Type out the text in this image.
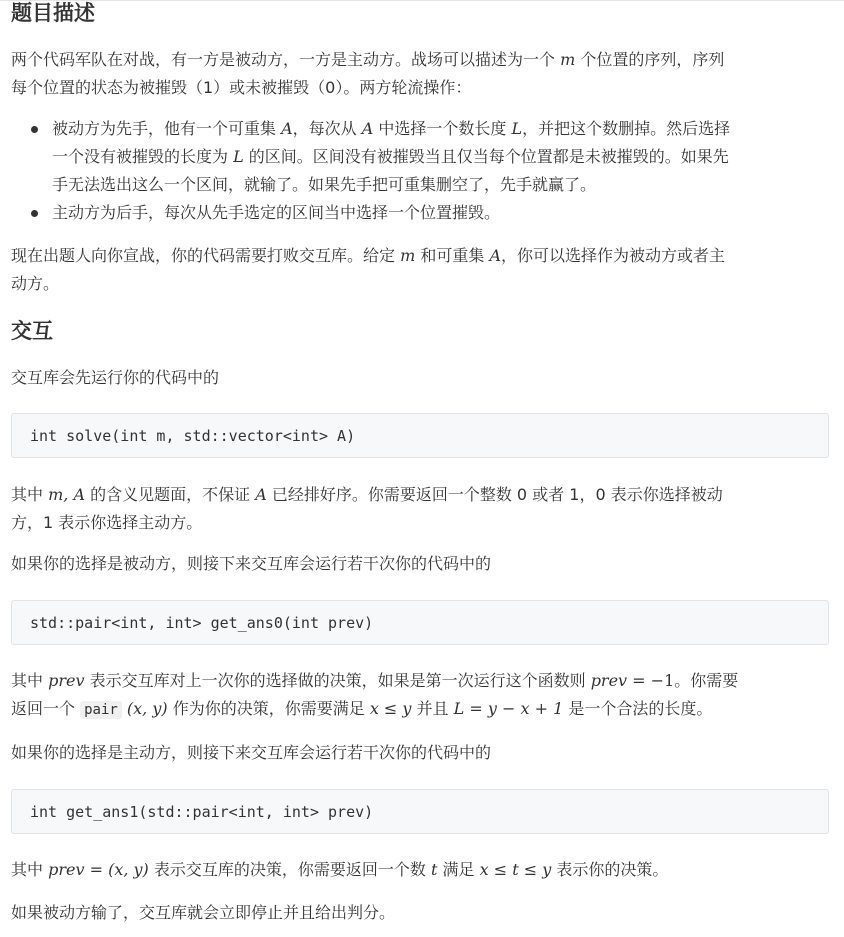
题目描述

两个代码军队在对战，有一方是被动方，一方是主动方。战场可以描述为一个 m 个位置的序列，序列
每个位置的状态为被摧毁（1）或未被摧毁（0）。两方轮流操作：

被动方为先手，他有一个可重集 A，每次从 A 中选择一个数长度 L，并把这个数删掉。然后选择
一个没有被摧毁的长度为 L 的区间。区间没有被摧毁当且仅当每个位置都是未被摧毁的。如果先
手无法选出这么一个区间，就输了。如果先手把可重集删空了，先手就赢了。
主动方为后手，每次从先手选定的区间当中选择一个位置摧毁。

现在出题人向你宣战，你的代码需要打败交互库。给定 m 和可重集 A，你可以选择作为被动方或者主
动方。

交互

交互库会先运行你的代码中的

int solve(int m, std::vector<int> A)

其中 m, A 的含义见题面，不保证 A 已经排好序。你需要返回一个整数 0 或者 1，0 表示你选择被动
方，1 表示你选择主动方。

如果你的选择是被动方，则接下来交互库会运行若干次你的代码中的

std::pair<int, int> get_ans0(int prev)

其中 prev 表示交互库对上一次你的选择做的决策，如果是第一次运行这个函数则 prev = −1。你需要
返回一个 pair (x, y) 作为你的决策，你需要满足 x ≤ y 并且 L = y − x + 1 是一个合法的长度。

如果你的选择是主动方，则接下来交互库会运行若干次你的代码中的

int get_ans1(std::pair<int, int> prev)

其中 prev = (x, y) 表示交互库的决策，你需要返回一个数 t 满足 x ≤ t ≤ y 表示你的决策。

如果被动方输了，交互库就会立即停止并且给出判分。
